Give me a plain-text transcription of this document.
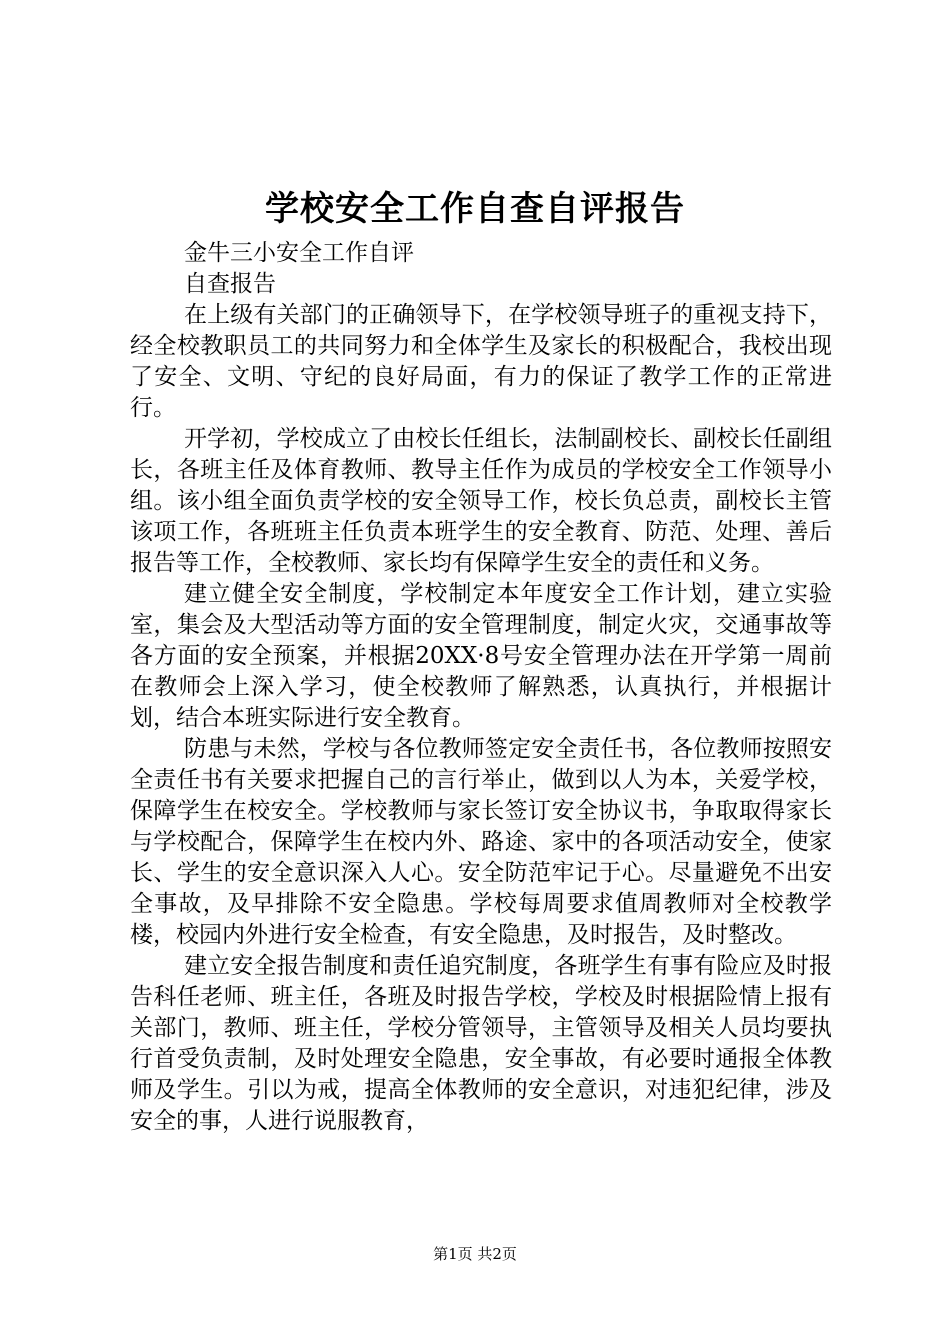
学校安全工作自查自评报告

金牛三小安全工作自评

自查报告

在上级有关部门的正确领导下，在学校领导班子的重视支持下，经全校教职员工的共同努力和全体学生及家长的积极配合，我校出现了安全、文明、守纪的良好局面，有力的保证了教学工作的正常进行。

开学初，学校成立了由校长任组长，法制副校长、副校长任副组长，各班主任及体育教师、教导主任作为成员的学校安全工作领导小组。该小组全面负责学校的安全领导工作，校长负总责，副校长主管该项工作，各班班主任负责本班学生的安全教育、防范、处理、善后报告等工作，全校教师、家长均有保障学生安全的责任和义务。

建立健全安全制度，学校制定本年度安全工作计划，建立实验室，集会及大型活动等方面的安全管理制度，制定火灾，交通事故等各方面的安全预案，并根据20XX·8号安全管理办法在开学第一周前在教师会上深入学习，使全校教师了解熟悉，认真执行，并根据计划，结合本班实际进行安全教育。

防患与未然，学校与各位教师签定安全责任书，各位教师按照安全责任书有关要求把握自己的言行举止，做到以人为本，关爱学校，保障学生在校安全。学校教师与家长签订安全协议书，争取取得家长与学校配合，保障学生在校内外、路途、家中的各项活动安全，使家长、学生的安全意识深入人心。安全防范牢记于心。尽量避免不出安全事故，及早排除不安全隐患。学校每周要求值周教师对全校教学楼，校园内外进行安全检查，有安全隐患，及时报告，及时整改。

建立安全报告制度和责任追究制度，各班学生有事有险应及时报告科任老师、班主任，各班及时报告学校，学校及时根据险情上报有关部门，教师、班主任，学校分管领导，主管领导及相关人员均要执行首受负责制，及时处理安全隐患，安全事故，有必要时通报全体教师及学生。引以为戒，提高全体教师的安全意识，对违犯纪律，涉及安全的事，人进行说服教育，

第1页 共2页
